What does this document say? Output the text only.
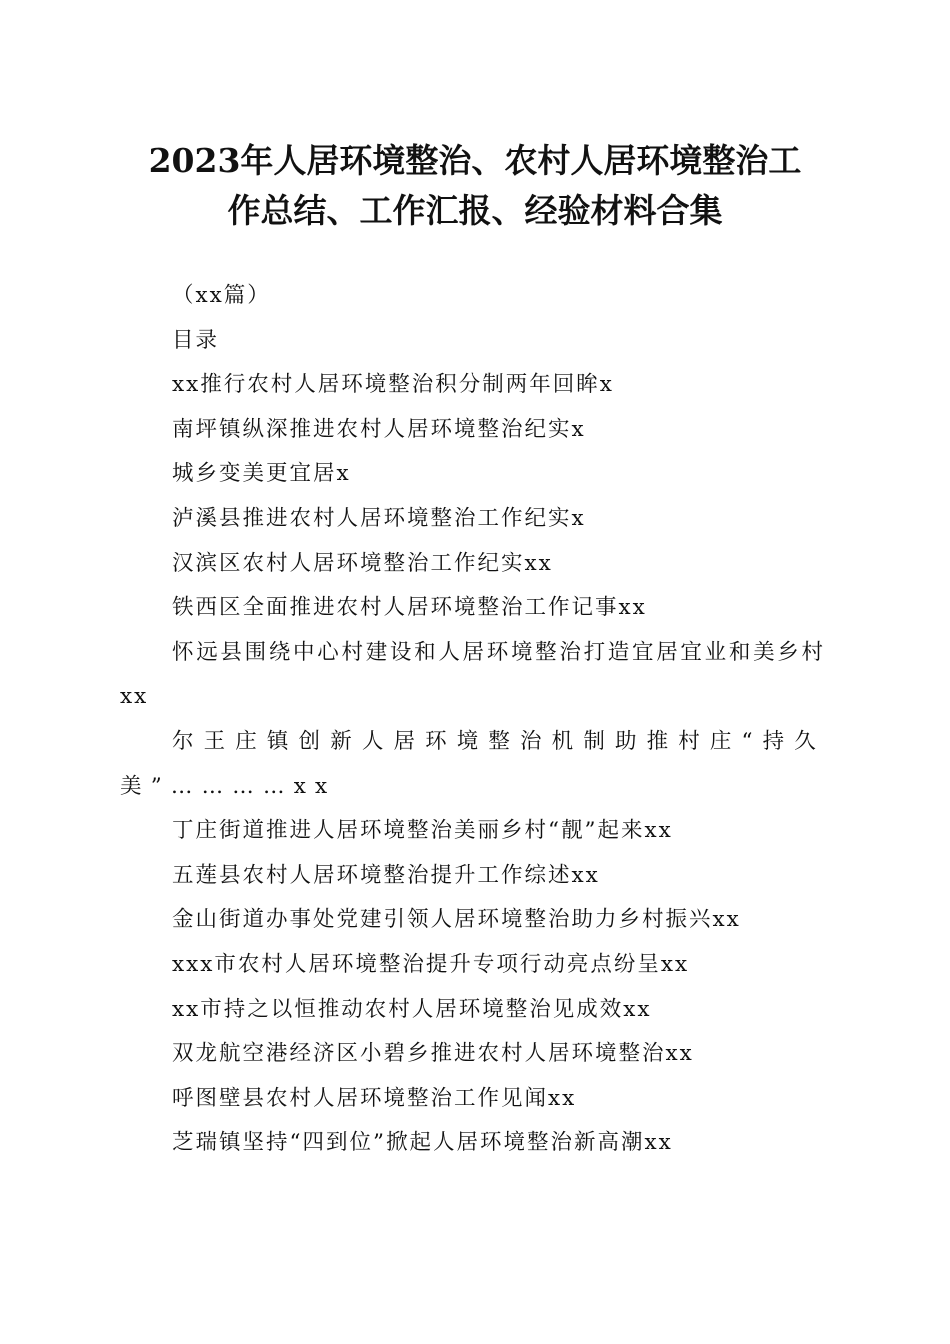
2023年人居环境整治、农村人居环境整治工
作总结、工作汇报、经验材料合集

（xx篇）

目录

xx推行农村人居环境整治积分制两年回眸x

南坪镇纵深推进农村人居环境整治纪实x

城乡变美更宜居x

泸溪县推进农村人居环境整治工作纪实x

汉滨区农村人居环境整治工作纪实xx

铁西区全面推进农村人居环境整治工作记事xx

怀远县围绕中心村建设和人居环境整治打造宜居宜业和美乡村xx

尔王庄镇创新人居环境整治机制助推村庄“持久美”…………xx

丁庄街道推进人居环境整治美丽乡村“靓”起来xx

五莲县农村人居环境整治提升工作综述xx

金山街道办事处党建引领人居环境整治助力乡村振兴xx

xxx市农村人居环境整治提升专项行动亮点纷呈xx

xx市持之以恒推动农村人居环境整治见成效xx

双龙航空港经济区小碧乡推进农村人居环境整治xx

呼图壁县农村人居环境整治工作见闻xx

芝瑞镇坚持“四到位”掀起人居环境整治新高潮xx
